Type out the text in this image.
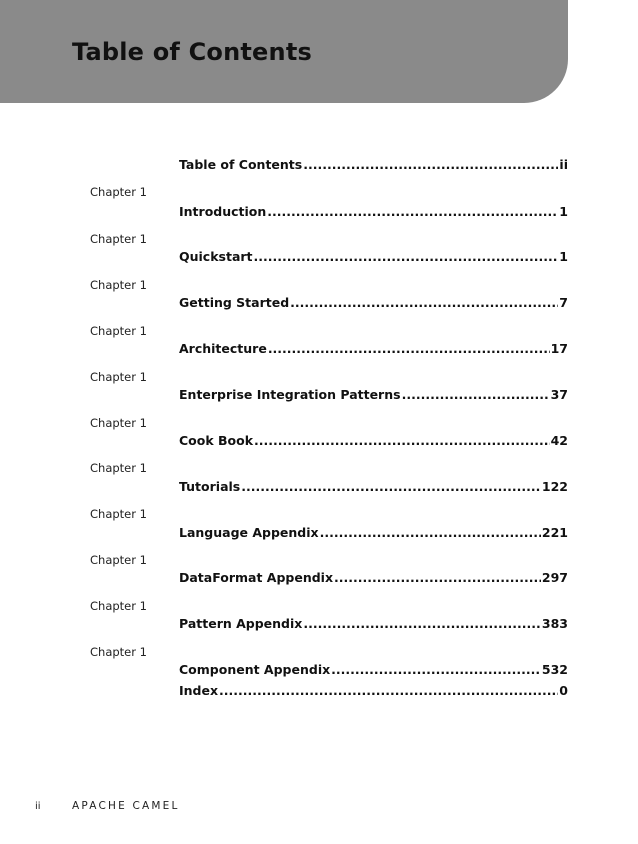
Table of Contents
Table of Contents .....	ii
Chapter 1
Introduction .....	1
Chapter 1
Quickstart .....	1
Chapter 1
Getting Started .....	7
Chapter 1
Architecture .....	17
Chapter 1
Enterprise Integration Patterns .....	37
Chapter 1
Cook Book .....	42
Chapter 1
Tutorials .....	122
Chapter 1
Language Appendix .....	221
Chapter 1
DataFormat Appendix .....	297
Chapter 1
Pattern Appendix .....	383
Chapter 1
Component Appendix .....	532
Index .....	0
ii	APACHE CAMEL
